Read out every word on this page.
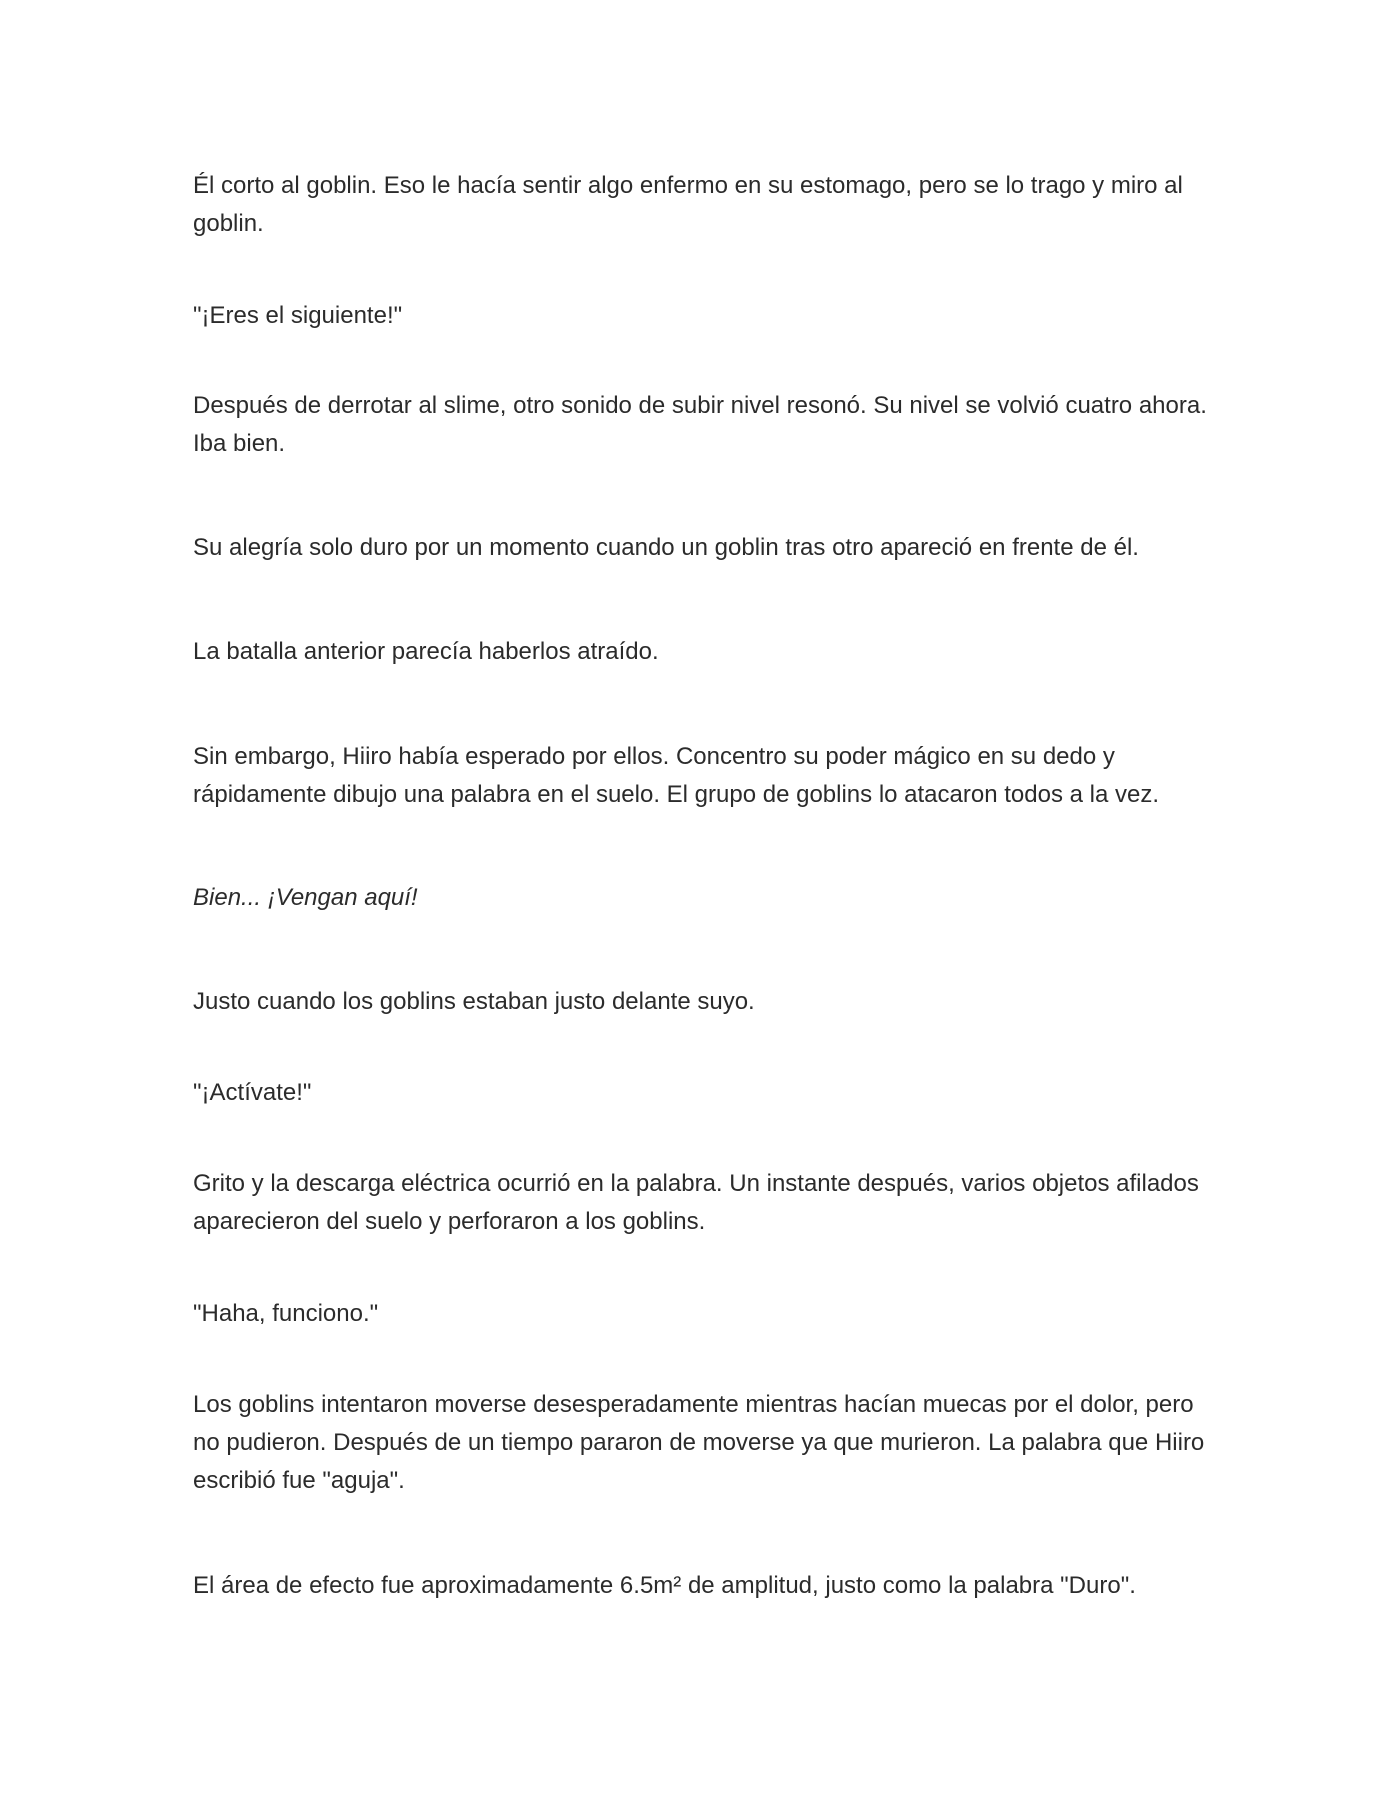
Él corto al goblin. Eso le hacía sentir algo enfermo en su estomago, pero se lo trago y miro al goblin.

"¡Eres el siguiente!"

Después de derrotar al slime, otro sonido de subir nivel resonó. Su nivel se volvió cuatro ahora. Iba bien.

Su alegría solo duro por un momento cuando un goblin tras otro apareció en frente de él.

La batalla anterior parecía haberlos atraído.

Sin embargo, Hiiro había esperado por ellos. Concentro su poder mágico en su dedo y rápidamente dibujo una palabra en el suelo. El grupo de goblins lo atacaron todos a la vez.

Bien... ¡Vengan aquí!

Justo cuando los goblins estaban justo delante suyo.

"¡Actívate!"

Grito y la descarga eléctrica ocurrió en la palabra. Un instante después, varios objetos afilados aparecieron del suelo y perforaron a los goblins.

"Haha, funciono."

Los goblins intentaron moverse desesperadamente mientras hacían muecas por el dolor, pero no pudieron. Después de un tiempo pararon de moverse ya que murieron. La palabra que Hiiro escribió fue "aguja".

El área de efecto fue aproximadamente 6.5m² de amplitud, justo como la palabra "Duro".
